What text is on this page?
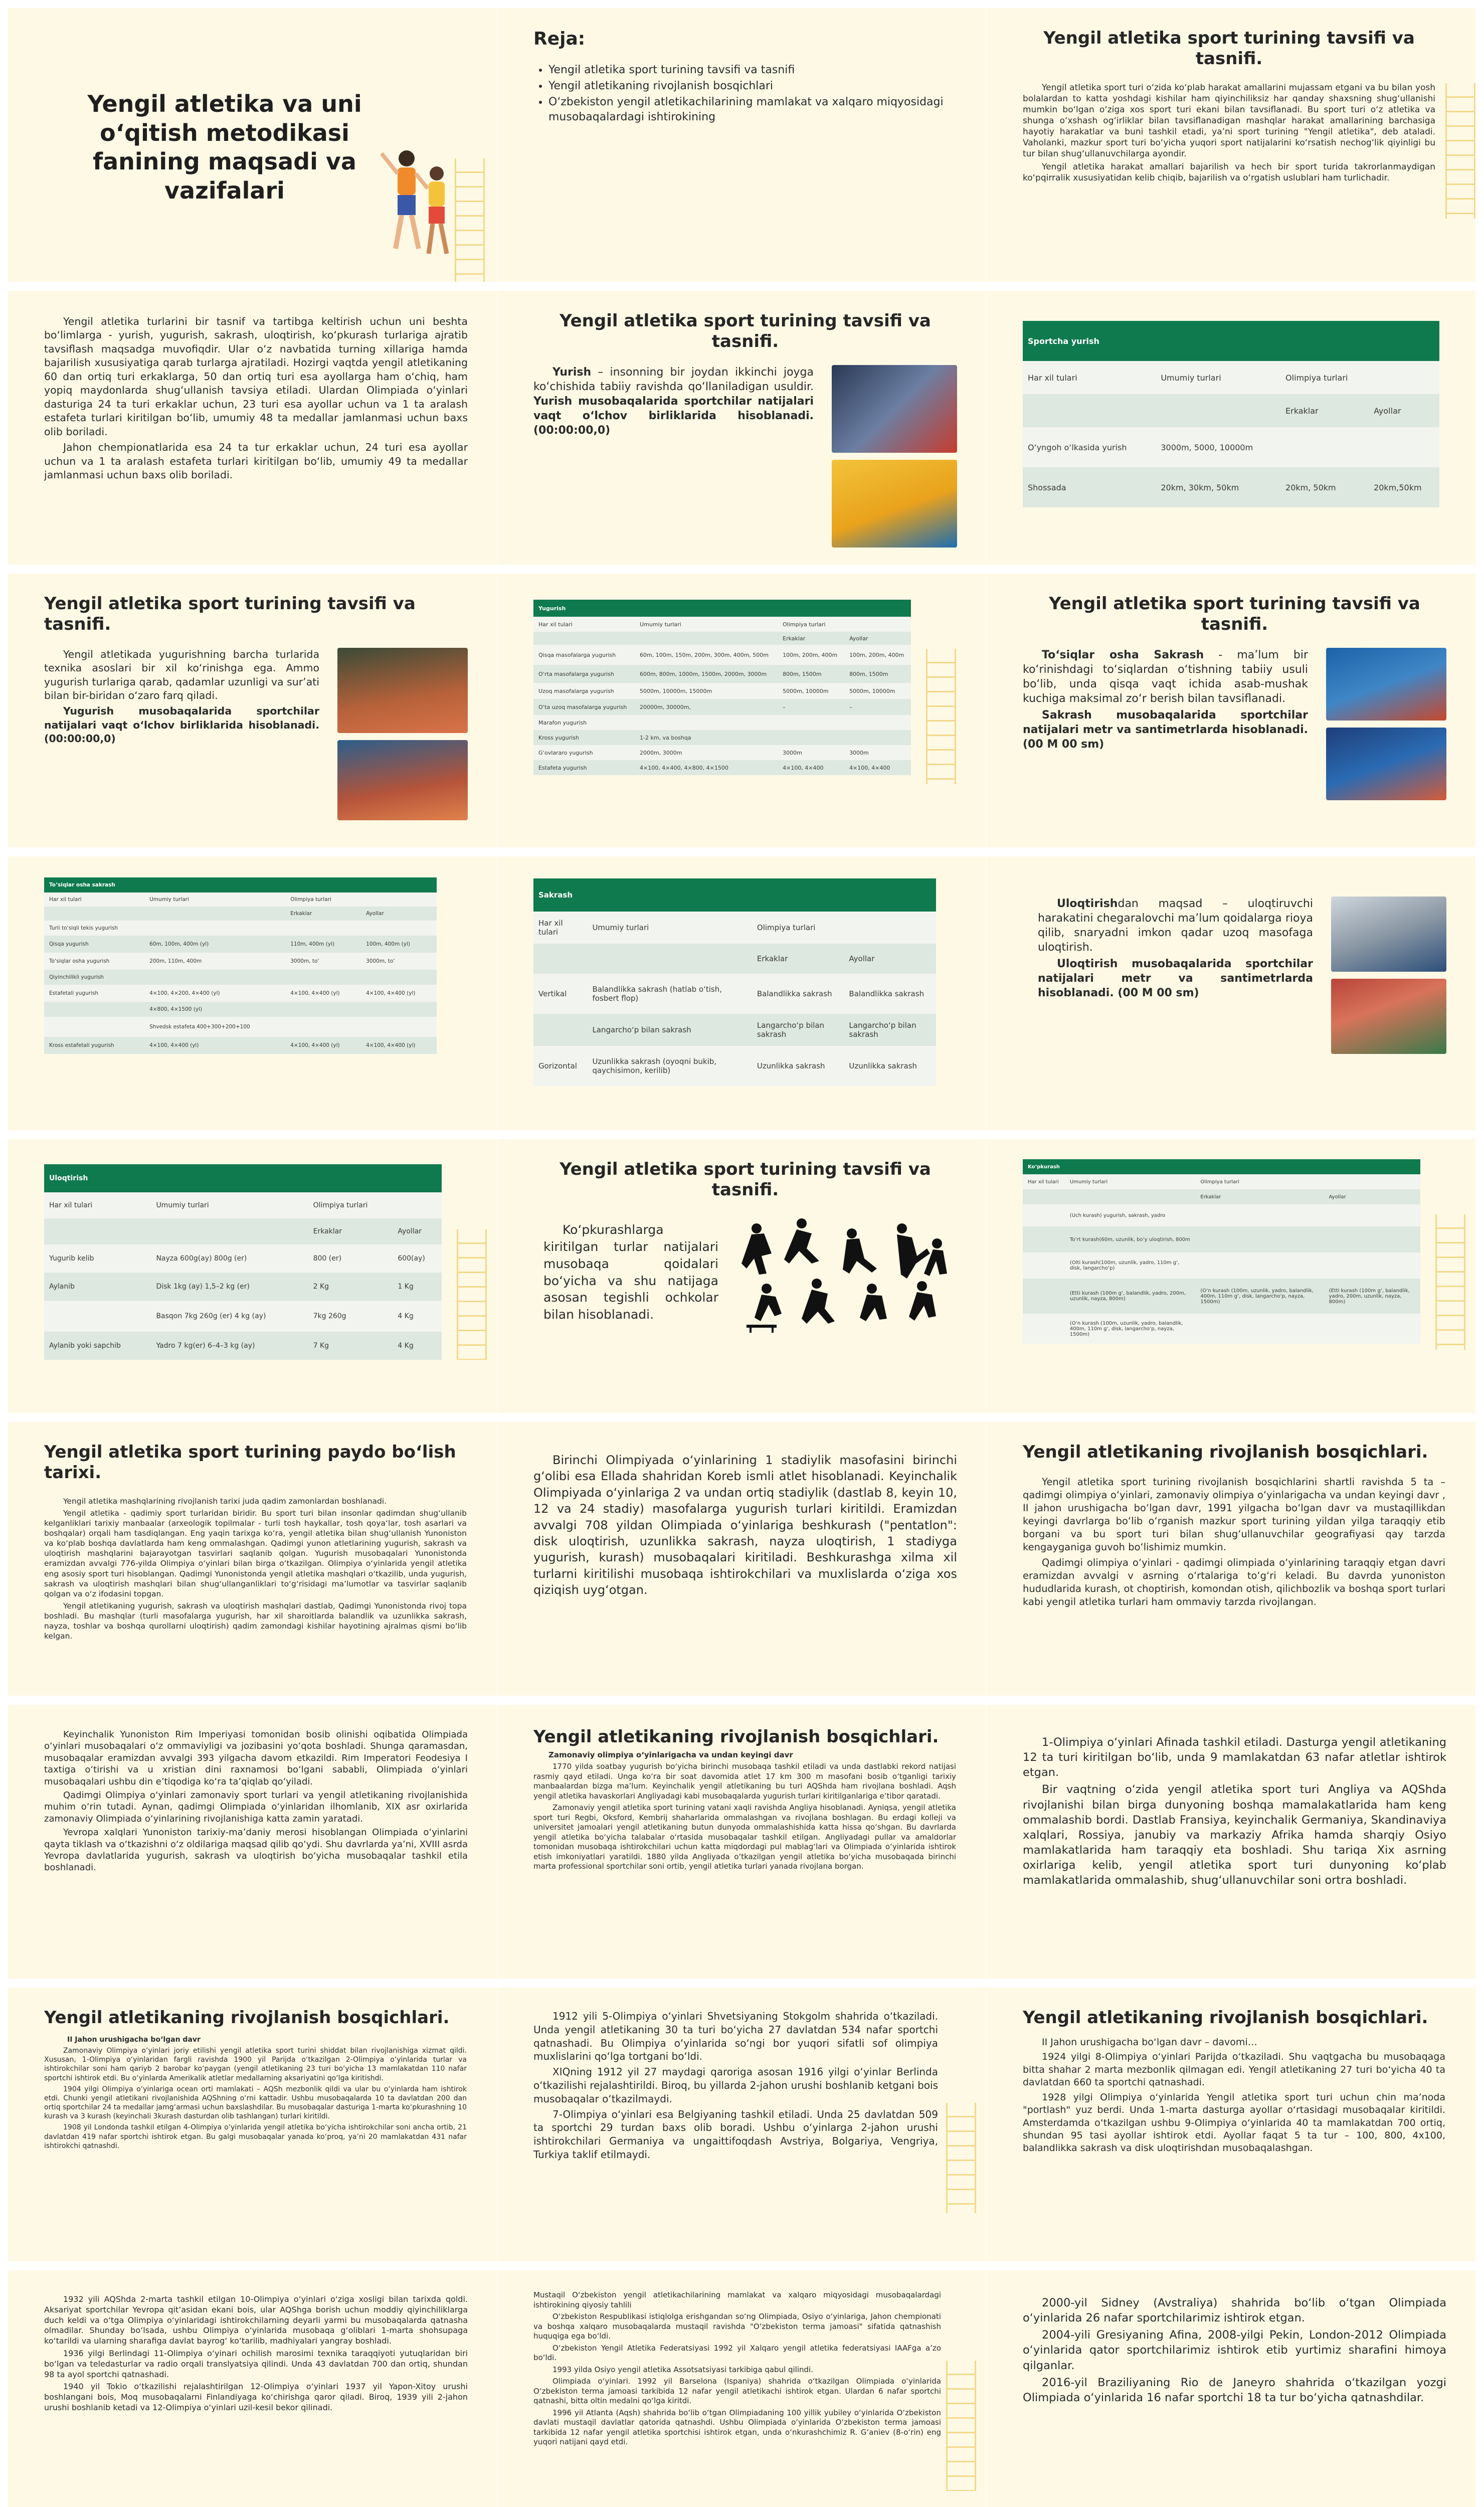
Yengil atletika va uni o‘qitish metodikasi fanining maqsadi va vazifalari
Reja:
• Yengil atletika sport turining tavsifi va tasnifi
• Yengil atletikaning rivojlanish bosqichlari
• O‘zbekiston yengil atletikachilarining mamlakat va xalqaro miqyosidagi musobaqalardagi ishtirokining
Yengil atletika sport turining tavsifi va tasnifi.

Yengil atletika sport turi o‘zida ko‘plab harakat amallarini mujassam etgani va bu bilan yosh bolalardan to katta yoshdagi kishilar ham qiyinchiliksiz har qanday shaxsning shug‘ullanishi mumkin bo‘lgan o‘ziga xos sport turi ekani bilan tavsiflanadi. Bu sport turi o‘z atletika va shunga o‘xshash og‘irliklar bilan tavsiflanadigan mashqlar harakat amallarining barchasiga hayotiy harakatlar va buni tashkil etadi, ya’ni sport turining "Yengil atletika", deb ataladi. Vaholanki, mazkur sport turi bo‘yicha yuqori sport natijalarini ko‘rsatish nechog‘lik qiyinligi bu tur bilan shug‘ullanuvchilarga ayondir.

Yengil atletika harakat amallari bajarilish va hech bir sport turida takrorlanmaydigan ko‘pqirralik xususiyatidan kelib chiqib, bajarilish va o‘rgatish uslublari ham turlichadir.

Yengil atletika turlarini bir tasnif va tartibga keltirish uchun uni beshta bo‘limlarga - yurish, yugurish, sakrash, uloqtirish, ko‘pkurash turlariga ajratib tavsiflash maqsadga muvofiqdir. Ular o‘z navbatida turning xillariga hamda bajarilish xususiyatiga qarab turlarga ajratiladi. Hozirgi vaqtda yengil atletikaning 60 dan ortiq turi erkaklarga, 50 dan ortiq turi esa ayollarga ham o‘chiq, ham yopiq maydonlarda shug‘ullanish tavsiya etiladi. Ulardan Olimpiada o‘yinlari dasturiga 24 ta turi erkaklar uchun, 23 turi esa ayollar uchun va 1 ta aralash estafeta turlari kiritilgan bo‘lib, umumiy 48 ta medallar jamlanmasi uchun baxs olib boriladi.

Jahon chempionatlarida esa 24 ta tur erkaklar uchun, 24 turi esa ayollar uchun va 1 ta aralash estafeta turlari kiritilgan bo‘lib, umumiy 49 ta medallar jamlanmasi uchun baxs olib boriladi.

Yengil atletika sport turining tavsifi va tasnifi.

Yurish – insonning bir joydan ikkinchi joyga ko‘chishida tabiiy ravishda qo‘llaniladigan usuldir. Yurish musobaqalarida sportchilar natijalari vaqt o‘lchov birliklarida hisoblanadi. (00:00:00,0)

Sportcha yurish			
Har xil tulari	Umumiy turlari	Olimpiya turlari	
		Erkaklar	Ayollar
O‘yngoh o‘lkasida yurish	3000m, 5000, 10000m		
Shossada	20km, 30km, 50km	20km, 50km	20km,50km
Yengil atletika sport turining tavsifi va tasnifi.

Yengil atletikada yugurishning barcha turlarida texnika asoslari bir xil ko‘rinishga ega. Ammo yugurish turlariga qarab, qadamlar uzunligi va sur’ati bilan bir-biridan o‘zaro farq qiladi.

Yugurish musobaqalarida sportchilar natijalari vaqt o‘lchov birliklarida hisoblanadi. (00:00:00,0)

Yugurish			
Har xil tulari	Umumiy turlari	Olimpiya turlari	
		Erkaklar	Ayollar
Qisqa masofalarga yugurish	60m, 100m, 150m, 200m, 300m, 400m, 500m	100m, 200m, 400m	100m, 200m, 400m
O‘rta masofalarga yugurish	600m, 800m, 1000m, 1500m, 2000m, 3000m	800m, 1500m	800m, 1500m
Uzoq masofalarga yugurish	5000m, 10000m, 15000m	5000m, 10000m	5000m, 10000m
O‘ta uzoq masofalarga yugurish	20000m, 30000m,	–	–
Marafon yugurish			
Kross yugurish	1-2 km, va boshqa		
G‘ovlararo yugurish	2000m, 3000m	3000m	3000m
Estafeta yugurish	4×100, 4×400, 4×800, 4×1500	4×100, 4×400	4×100, 4×400
Yengil atletika sport turining tavsifi va tasnifi.

To‘siqlar osha Sakrash - ma’lum bir ko‘rinishdagi to‘siqlardan o‘tishning tabiiy usuli bo‘lib, unda qisqa vaqt ichida asab-mushak kuchiga maksimal zo‘r berish bilan tavsiflanadi.

Sakrash musobaqalarida sportchilar natijalari metr va santimetrlarda hisoblanadi. (00 M 00 sm)

To‘siqlar osha sakrash			
Har xil tulari	Umumiy turlari	Olimpiya turlari	
		Erkaklar	Ayollar
Turli to‘siqli tekis yugurish			
Qisqa yugurish	60m, 100m, 400m (yl)	110m, 400m (yl)	100m, 400m (yl)
To‘siqlar osha yugurish	200m, 110m, 400m	3000m, to‘	3000m, to‘
Qiyinchilikli yugurish			
Estafetali yugurish	4×100, 4×200, 4×400 (yl)	4×100, 4×400 (yl)	4×100, 4×400 (yl)
	4×800, 4×1500 (yl)		
	Shvedsk estafeta 400+300+200+100		
Kross estafetali yugurish	4×100, 4×400 (yl)	4×100, 4×400 (yl)	4×100, 4×400 (yl)
Sakrash			
Har xil tulari	Umumiy turlari	Olimpiya turlari	
		Erkaklar	Ayollar
Vertikal	Balandlikka sakrash (hatlab o‘tish, fosbert flop)	Balandlikka sakrash	Balandlikka sakrash
	Langarcho‘p bilan sakrash	Langarcho‘p bilan sakrash	Langarcho‘p bilan sakrash
Gorizontal	Uzunlikka sakrash (oyoqni bukib, qaychisimon, kerilib)	Uzunlikka sakrash	Uzunlikka sakrash

Uloqtirishdan maqsad – uloqtiruvchi harakatini chegaralovchi ma’lum qoidalarga rioya qilib, snaryadni imkon qadar uzoq masofaga uloqtirish.

Uloqtirish musobaqalarida sportchilar natijalari metr va santimetrlarda hisoblanadi. (00 M 00 sm)

Uloqtirish			
Har xil tulari	Umumiy turlari	Olimpiya turlari	
		Erkaklar	Ayollar
Yugurib kelib	Nayza 600g(ay) 800g (er)	800 (er)	600(ay)
Aylanib	Disk 1kg (ay) 1,5–2 kg (er)	2 Kg	1 Kg
	Basqon 7kg 260g (er) 4 kg (ay)	7kg 260g	4 Kg
Aylanib yoki sapchib	Yadro 7 kg(er) 6–4–3 kg (ay)	7 Kg	4 Kg
Yengil atletika sport turining tavsifi va tasnifi.

Ko‘pkurashlarga kiritilgan turlar natijalari musobaqa qoidalari bo‘yicha va shu natijaga asosan tegishli ochkolar bilan hisoblanadi.

Ko‘pkurash			
Har xil tulari	Umumiy turlari	Olimpiya turlari	
		Erkaklar	Ayollar
	(Uch kurash) yugurish, sakrash, yadro		
	To‘rt kurash(60m, uzunlik, bo‘y uloqtirish, 800m		
	(Olti kurash(100m, uzunlik, yadro, 110m g‘, disk, langarcho‘p)		
	(Etti kurash (100m g‘, balandlik, yadro, 200m, uzunlik, nayza, 800m)	(O‘n kurash (100m, uzunlik, yadro, balandlik, 400m, 110m g‘, disk, langarcho‘p, nayza, 1500m)	(Etti kurash (100m g‘, balandlik, yadro, 200m, uzunlik, nayza, 800m)
	(O‘n kurash (100m, uzunlik, yadro, balandlik, 400m, 110m g‘, disk, langarcho‘p, nayza, 1500m)		
Yengil atletika sport turining paydo bo‘lish tarixi.

Yengil atletika mashqlarining rivojlanish tarixi juda qadim zamonlardan boshlanadi.

Yengil atletika - qadimiy sport turlaridan biridir. Bu sport turi bilan insonlar qadimdan shug‘ullanib kelganliklari tarixiy manbaalar (arxeologik topilmalar - turli tosh haykallar, tosh qoya‘lar, tosh asarlari va boshqalar) orqali ham tasdiqlangan. Eng yaqin tarixga ko‘ra, yengil atletika bilan shug‘ullanish Yunoniston va ko‘plab boshqa davlatlarda ham keng ommalashgan. Qadimgi yunon atletlarining yugurish, sakrash va uloqtirish mashqlarini bajarayotgan tasvirlari saqlanib qolgan. Yugurish musobaqalari Yunonistonda eramizdan avvalgi 776-yilda Olimpiya o‘yinlari bilan birga o‘tkazilgan. Olimpiya o‘yinlarida yengil atletika eng asosiy sport turi hisoblangan. Qadimgi Yunonistonda yengil atletika mashqlari o‘tkazilib, unda yugurish, sakrash va uloqtirish mashqlari bilan shug‘ullanganliklari to‘g‘risidagi ma’lumotlar va tasvirlar saqlanib qolgan va o‘z ifodasini topgan.

Yengil atletikaning yugurish, sakrash va uloqtirish mashqlari dastlab, Qadimgi Yunonistonda rivoj topa boshladi. Bu mashqlar (turli masofalarga yugurish, har xil sharoitlarda balandlik va uzunlikka sakrash, nayza, toshlar va boshqa qurollarni uloqtirish) qadim zamondagi kishilar hayotining ajralmas qismi bo‘lib kelgan.

Birinchi Olimpiyada o‘yinlarining 1 stadiylik masofasini birinchi g‘olibi esa Ellada shahridan Koreb ismli atlet hisoblanadi. Keyinchalik Olimpiyada o‘yinlariga 2 va undan ortiq stadiylik (dastlab 8, keyin 10, 12 va 24 stadiy) masofalarga yugurish turlari kiritildi. Eramizdan avvalgi 708 yildan Olimpiada o‘yinlariga beshkurash ("pentatlon": disk uloqtirish, uzunlikka sakrash, nayza uloqtirish, 1 stadiyga yugurish, kurash) musobaqalari kiritiladi. Beshkurashga xilma xil turlarni kiritilishi musobaqa ishtirokchilari va muxlislarda o‘ziga xos qiziqish uyg‘otgan.

Yengil atletikaning rivojlanish bosqichlari.

Yengil atletika sport turining rivojlanish bosqichlarini shartli ravishda 5 ta – qadimgi olimpiya o‘yinlari, zamonaviy olimpiya o‘yinlarigacha va undan keyingi davr , II jahon urushigacha bo‘lgan davr, 1991 yilgacha bo‘lgan davr va mustaqillikdan keyingi davrlarga bo‘lib o‘rganish mazkur sport turining yildan yilga taraqqiy etib borgani va bu sport turi bilan shug‘ullanuvchilar geografiyasi qay tarzda kengayganiga guvoh bo‘lishimiz mumkin.

Qadimgi olimpiya o‘yinlari - qadimgi olimpiada o‘yinlarining taraqqiy etgan davri eramizdan avvalgi v asrning o‘rtalariga to‘g‘ri keladi. Bu davrda yunoniston hududlarida kurash, ot choptirish, komondan otish, qilichbozlik va boshqa sport turlari kabi yengil atletika turlari ham ommaviy tarzda rivojlangan.

Keyinchalik Yunoniston Rim Imperiyasi tomonidan bosib olinishi oqibatida Olimpiada o‘yinlari musobaqalari o‘z ommaviyligi va jozibasini yo‘qota boshladi. Shunga qaramasdan, musobaqalar eramizdan avvalgi 393 yilgacha davom etkazildi. Rim Imperatori Feodesiya I taxtiga o‘tirishi va u xristian dini raxnamosi bo‘lgani sababli, Olimpiada o‘yinlari musobaqalari ushbu din e’tiqodiga ko‘ra ta’qiqlab qo‘yiladi.

Qadimgi Olimpiya o‘yinlari zamonaviy sport turlari va yengil atletikaning rivojlanishida muhim o‘rin tutadi. Aynan, qadimgi Olimpiada o‘yinlaridan ilhomlanib, XIX asr oxirlarida zamonaviy Olimpiada o‘yinlarining rivojlanishiga katta zamin yaratadi.

Yevropa xalqlari Yunoniston tarixiy-ma’daniy merosi hisoblangan Olimpiada o‘yinlarini qayta tiklash va o‘tkazishni o‘z oldilariga maqsad qilib qo‘ydi. Shu davrlarda ya’ni, XVIII asrda Yevropa davlatlarida yugurish, sakrash va uloqtirish bo‘yicha musobaqalar tashkil etila boshlanadi.

Yengil atletikaning rivojlanish bosqichlari.

Zamonaviy olimpiya o‘yinlarigacha va undan keyingi davr

1770 yilda soatbay yugurish bo‘yicha birinchi musobaqa tashkil etiladi va unda dastlabki rekord natijasi rasmiy qayd etiladi. Unga ko‘ra bir soat davomida atlet 17 km 300 m masofani bosib o‘tganligi tarixiy manbaalardan bizga ma’lum. Keyinchalik yengil atletikaning bu turi AQShda ham rivojlana boshladi. Aqsh yengil atletika havaskorlari Angliyadagi kabi musobaqalarda yugurish turlari kiritilganlariga e’tibor qaratadi.

Zamonaviy yengil atletika sport turining vatani xaqli ravishda Angliya hisoblanadi. Ayniqsa, yengil atletika sport turi Regbi, Oksford, Kembrij shaharlarida ommalashgan va rivojlana boshlagan. Bu erdagi kolleji va universitet jamoalari yengil atletikaning butun dunyoda ommalashishida katta hissa qo‘shgan. Bu davrlarda yengil atletika bo‘yicha talabalar o‘rtasida musobaqalar tashkil etilgan. Angliyadagi pullar va amaldorlar tomonidan musobaqa ishtirokchilari uchun katta miqdordagi pul mablag‘lari va Olimpiada o‘yinlarida ishtirok etish imkoniyatlari yaratildi. 1880 yilda Angliyada o‘tkazilgan yengil atletika bo‘yicha musobaqada birinchi marta professional sportchilar soni ortib, yengil atletika turlari yanada rivojlana borgan.

1-Olimpiya o‘yinlari Afinada tashkil etiladi. Dasturga yengil atletikaning 12 ta turi kiritilgan bo‘lib, unda 9 mamlakatdan 63 nafar atletlar ishtirok etgan.

Bir vaqtning o‘zida yengil atletika sport turi Angliya va AQShda rivojlanishi bilan birga dunyoning boshqa mamalakatlarida ham keng ommalashib bordi. Dastlab Fransiya, keyinchalik Germaniya, Skandinaviya xalqlari, Rossiya, janubiy va markaziy Afrika hamda sharqiy Osiyo mamlakatlarida ham taraqqiy eta boshladi. Shu tariqa Xix asrning oxirlariga kelib, yengil atletika sport turi dunyoning ko‘plab mamlakatlarida ommalashib, shug‘ullanuvchilar soni ortra boshladi.

Yengil atletikaning rivojlanish bosqichlari.

II Jahon urushigacha bo‘lgan davr

Zamonaviy Olimpiya o‘yinlari joriy etilishi yengil atletika sport turini shiddat bilan rivojlanishiga xizmat qildi. Xususan, 1-Olimpiya o‘yinlaridan fargli ravishda 1900 yil Parijda o‘tkazilgan 2-Olimpiya o‘yinlarida turlar va ishtirokchilar soni ham qariyb 2 barobar ko‘paygan (yengil atletikaning 23 turi bo‘yicha 13 mamlakatdan 110 nafar sportchi ishtirok etdi. Bu o‘yinlarda Amerikalik atletlar medallarning aksariyatini qo‘lga kiritishdi.

1904 yilgi Olimpiya o‘yinlariga ocean orti mamlakati – AQSh mezbonlik qildi va ular bu o‘yinlarda ham ishtirok etdi. Chunki yengil atletikani rivojlanishida AQShning o‘rni kattadir. Ushbu musobaqalarda 10 ta davlatdan 200 dan ortiq sportchilar 24 ta medallar jamg‘armasi uchun baxslashdilar. Bu musobaqalar dasturiga 1-marta ko‘pkurashning 10 kurash va 3 kurash (keyinchali 3kurash dasturdan olib tashlangan) turlari kiritildi.

1908 yil Londonda tashkil etilgan 4-Olimpiya o‘yinlarida yengil atletika bo‘yicha ishtirokchilar soni ancha ortib, 21 davlatdan 419 nafar sportchi ishtirok etgan. Bu galgi musobaqalar yanada ko‘proq, ya’ni 20 mamlakatdan 431 nafar ishtirokchi qatnashdi.

1912 yili 5-Olimpiya o‘yinlari Shvetsiyaning Stokgolm shahrida o‘tkaziladi. Unda yengil atletikaning 30 ta turi bo‘yicha 27 davlatdan 534 nafar sportchi qatnashadi. Bu Olimpiya o‘yinlarida so‘ngi bor yuqori sifatli sof olimpiya muxlislarini qo‘lga tortgani bo‘ldi.

XIQning 1912 yil 27 maydagi qaroriga asosan 1916 yilgi o‘yinlar Berlinda o‘tkazilishi rejalashtirildi. Biroq, bu yillarda 2-jahon urushi boshlanib ketgani bois musobaqalar o‘tkazilmaydi.

7-Olimpiya o‘yinlari esa Belgiyaning tashkil etiladi. Unda 25 davlatdan 509 ta sportchi 29 turdan baxs olib boradi. Ushbu o‘yinlarga 2-jahon urushi ishtirokchilari Germaniya va ungaittifoqdash Avstriya, Bolgariya, Vengriya, Turkiya taklif etilmaydi.

Yengil atletikaning rivojlanish bosqichlari.

II Jahon urushigacha bo‘lgan davr – davomi…

1924 yilgi 8-Olimpiya o‘yinlari Parijda o‘tkaziladi. Shu vaqtgacha bu musobaqaga bitta shahar 2 marta mezbonlik qilmagan edi. Yengil atletikaning 27 turi bo‘yicha 40 ta davlatdan 660 ta sportchi qatnashadi.

1928 yilgi Olimpiya o‘yinlarida Yengil atletika sport turi uchun chin ma’noda "portlash" yuz berdi. Unda 1-marta dasturga ayollar o‘rtasidagi musobaqalar kiritildi. Amsterdamda o‘tkazilgan ushbu 9-Olimpiya o‘yinlarida 40 ta mamlakatdan 700 ortiq, shundan 95 tasi ayollar ishtirok etdi. Ayollar faqat 5 ta tur – 100, 800, 4x100, balandlikka sakrash va disk uloqtirishdan musobaqalashgan.

1932 yili AQShda 2-marta tashkil etilgan 10-Olimpiya o‘yinlari o‘ziga xosligi bilan tarixda qoldi. Aksariyat sportchilar Yevropa qit’asidan ekani bois, ular AQShga borish uchun moddiy qiyinchiliklarga duch keldi va o‘tga Olimpiya o‘yinlaridagi ishtirokchilarning deyarli yarmi bu musobaqalarda qatnasha olmadilar. Shunday bo‘lsada, ushbu Olimpiya o‘yinlarida musobaqa g‘oliblari 1-marta shohsupaga ko‘tarildi va ularning sharafiga davlat bayrog‘ ko‘tarilib, madhiyalari yangray boshladi.

1936 yilgi Berlindagi 11-Olimpiya o‘yinari ochilish marosimi texnika taraqqiyoti yutuqlaridan biri bo‘lgan va teledasturlar va radio orqali translyatsiya qilindi. Unda 43 davlatdan 700 dan ortiq, shundan 98 ta ayol sportchi qatnashadi.

1940 yil Tokio o‘tkazilishi rejalashtirilgan 12-Olimpiya o‘yinlari 1937 yil Yapon-Xitoy urushi boshlangani bois, Moq musobaqalarni Finlandiyaga ko‘chirishga qaror qiladi. Biroq, 1939 yili 2-jahon urushi boshlanib ketadi va 12-Olimpiya o‘yinlari uzil-kesil bekor qilinadi.

Mustaqil O‘zbekiston yengil atletikachilarining mamlakat va xalqaro miqyosidagi musobaqalardagi ishtirokining qiyosiy tahlili

O‘zbekiston Respublikasi istiqlolga erishgandan so‘ng Olimpiada, Osiyo o‘yinlariga, Jahon chempionati va boshqa xalqaro musobaqalarda mustaqil ravishda "O‘zbekiston terma jamoasi" sifatida qatnashish huquqiga ega bo‘ldi.

O‘zbekiston Yengil Atletika Federatsiyasi 1992 yil Xalqaro yengil atletika federatsiyasi IAAFga a’zo bo‘ldi.

1993 yilda Osiyo yengil atletika Assotsatsiyasi tarkibiga qabul qilindi.

Olimpiada o‘yinlari. 1992 yil Barselona (Ispaniya) shahrida o‘tkazilgan Olimpiada o‘yinlarida O‘zbekiston terma jamoasi tarkibida 12 nafar yengil atletikachi ishtirok etgan. Ulardan 6 nafar sportchi qatnashi, bitta oltin medalni qo‘lga kiritdi.

1996 yil Atlanta (Aqsh) shahrida bo‘lib o‘tgan Olimpiadaning 100 yillik yubiley o‘yinlarida O‘zbekiston davlati mustaqil davlatlar qatorida qatnashdi. Ushbu Olimpiada o‘yinlarida O‘zbekiston terma jamoasi tarkibida 12 nafar yengil atletika sportchisi ishtirok etgan, unda o‘nkurashchimiz R. G‘aniev (8-o‘rin) eng yuqori natijani qayd etdi.

2000-yil Sidney (Avstraliya) shahrida bo‘lib o‘tgan Olimpiada o‘yinlarida 26 nafar sportchilarimiz ishtirok etgan.

2004-yili Gresiyaning Afina, 2008-yilgi Pekin, London-2012 Olimpiada o‘yinlarida qator sportchilarimiz ishtirok etib yurtimiz sharafini himoya qilganlar.

2016-yil Braziliyaning Rio de Janeyro shahrida o‘tkazilgan yozgi Olimpiada o‘yinlarida 16 nafar sportchi 18 ta tur bo‘yicha qatnashdilar.
